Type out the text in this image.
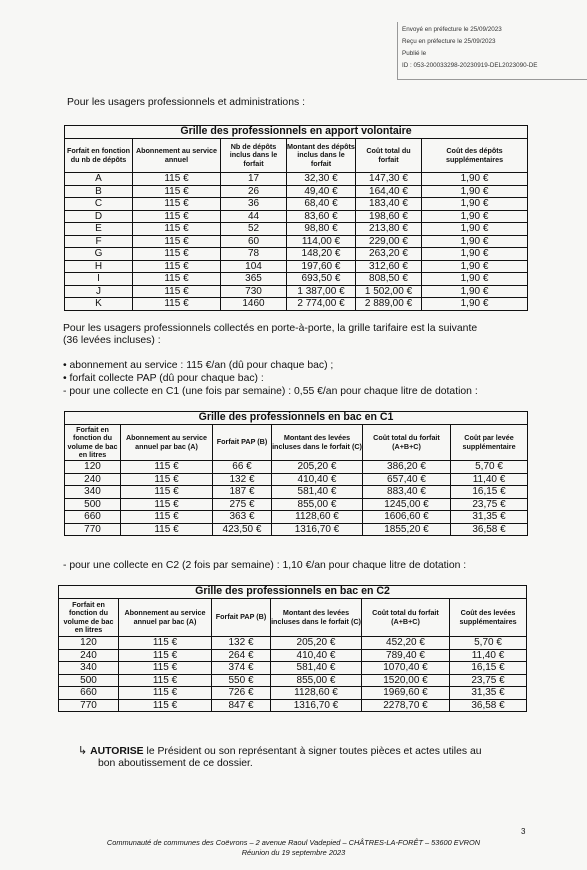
Envoyé en préfecture le 25/09/2023
Reçu en préfecture le 25/09/2023
Publié le
ID : 053-200033298-20230919-DEL2023090-DE
Pour les usagers professionnels et administrations :
Grille des professionnels en apport volontaire					
Forfait en fonction du nb de dépôts	Abonnement au service annuel	Nb de dépôts inclus dans le forfait	Montant des dépôts inclus dans le forfait	Coût total du forfait	Coût des dépôts supplémentaires
A	115 €	17	32,30 €	147,30 €	1,90 €
B	115 €	26	49,40 €	164,40 €	1,90 €
C	115 €	36	68,40 €	183,40 €	1,90 €
D	115 €	44	83,60 €	198,60 €	1,90 €
E	115 €	52	98,80 €	213,80 €	1,90 €
F	115 €	60	114,00 €	229,00 €	1,90 €
G	115 €	78	148,20 €	263,20 €	1,90 €
H	115 €	104	197,60 €	312,60 €	1,90 €
I	115 €	365	693,50 €	808,50 €	1,90 €
J	115 €	730	1 387,00 €	1 502,00 €	1,90 €
K	115 €	1460	2 774,00 €	2 889,00 €	1,90 €
Pour les usagers professionnels collectés en porte-à-porte, la grille tarifaire est la suivante
(36 levées incluses) :
• abonnement au service : 115 €/an (dû pour chaque bac) ;
• forfait collecte PAP (dû pour chaque bac) :
- pour une collecte en C1 (une fois par semaine) : 0,55 €/an pour chaque litre de dotation :
Grille des professionnels en bac en C1					
Forfait en fonction du volume de bac en litres	Abonnement au service annuel par bac (A)	Forfait PAP (B)	Montant des levées incluses dans le forfait (C)	Coût total du forfait (A+B+C)	Coût par levée supplémentaire
120	115 €	66 €	205,20 €	386,20 €	5,70 €
240	115 €	132 €	410,40 €	657,40 €	11,40 €
340	115 €	187 €	581,40 €	883,40 €	16,15 €
500	115 €	275 €	855,00 €	1245,00 €	23,75 €
660	115 €	363 €	1128,60 €	1606,60 €	31,35 €
770	115 €	423,50 €	1316,70 €	1855,20 €	36,58 €
- pour une collecte en C2 (2 fois par semaine) : 1,10 €/an pour chaque litre de dotation :
Grille des professionnels en bac en C2					
Forfait en fonction du volume de bac en litres	Abonnement au service annuel par bac (A)	Forfait PAP (B)	Montant des levées incluses dans le forfait (C)	Coût total du forfait (A+B+C)	Coût des levées supplémentaires
120	115 €	132 €	205,20 €	452,20 €	5,70 €
240	115 €	264 €	410,40 €	789,40 €	11,40 €
340	115 €	374 €	581,40 €	1070,40 €	16,15 €
500	115 €	550 €	855,00 €	1520,00 €	23,75 €
660	115 €	726 €	1128,60 €	1969,60 €	31,35 €
770	115 €	847 €	1316,70 €	2278,70 €	36,58 €
↳ AUTORISE le Président ou son représentant à signer toutes pièces et actes utiles au
bon aboutissement de ce dossier.
3
Communauté de communes des Coëvrons – 2 avenue Raoul Vadepied – CHÂTRES-LA-FORÊT – 53600 EVRON
Réunion du 19 septembre 2023
